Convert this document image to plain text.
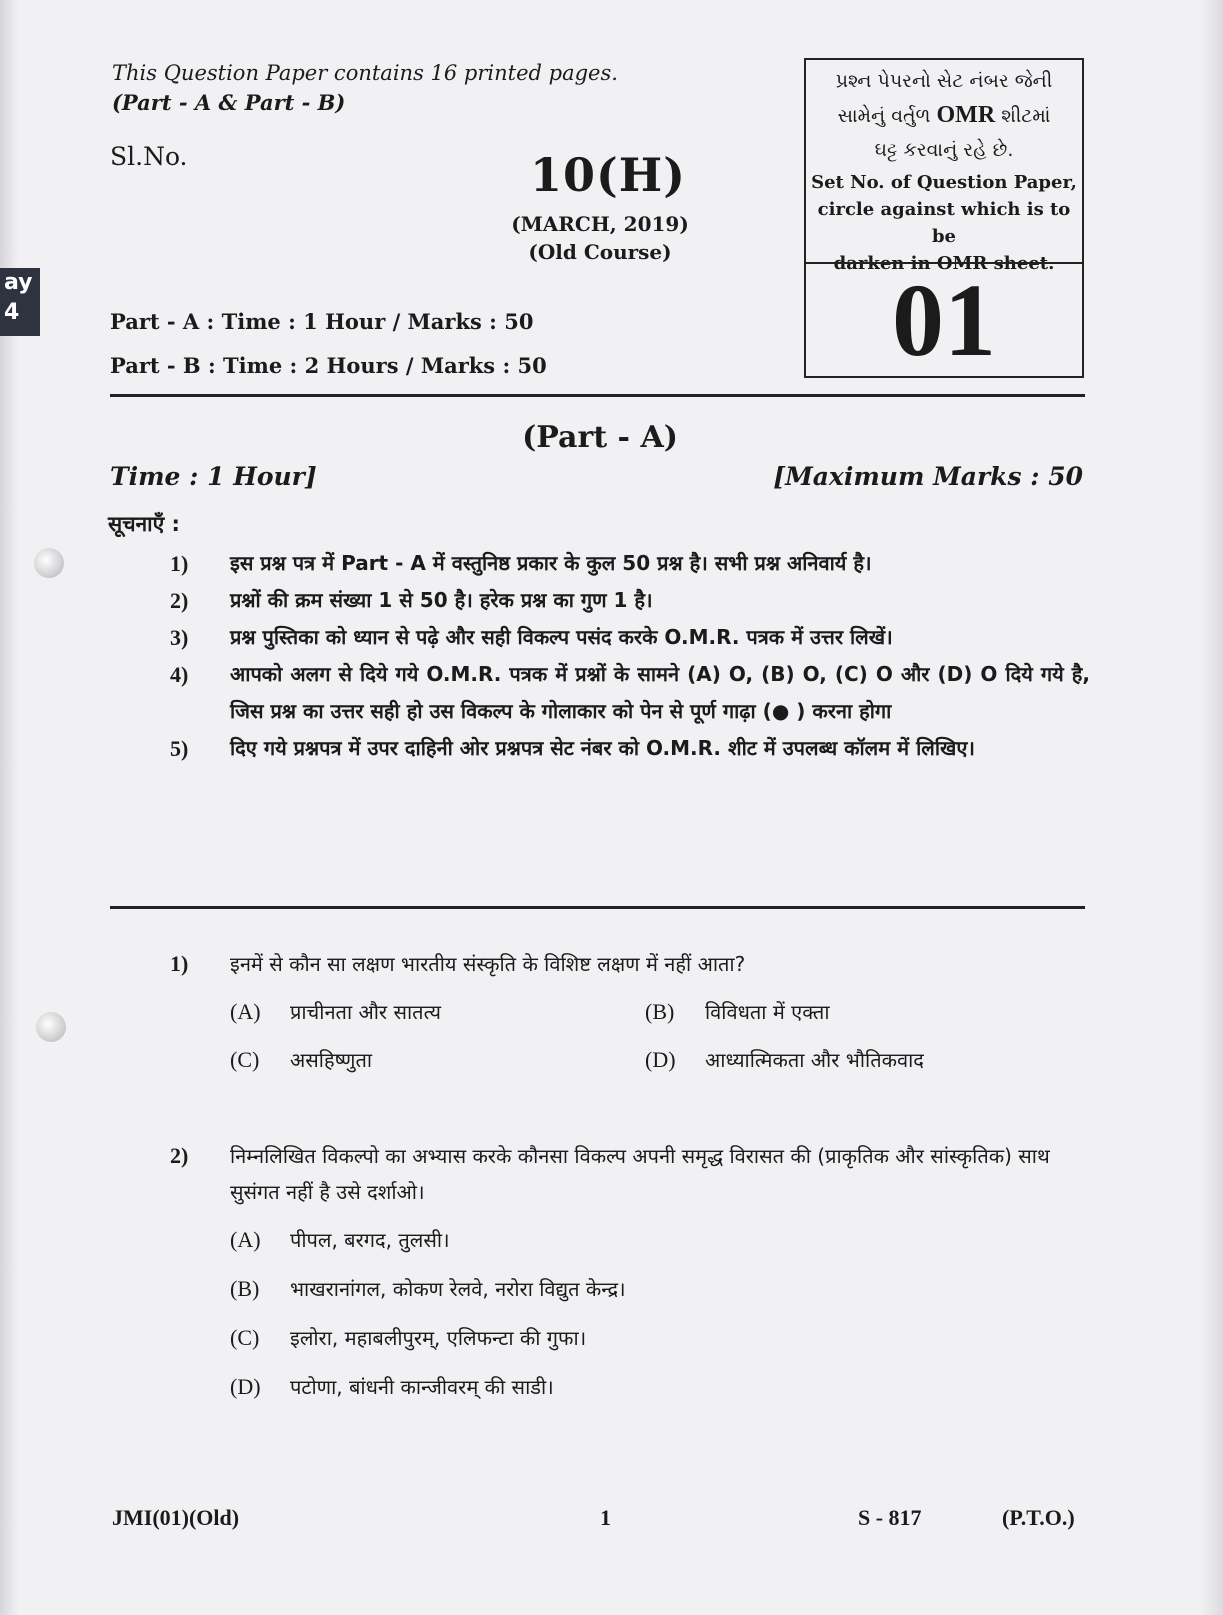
ay
4
This Question Paper contains 16 printed pages.
(Part - A & Part - B)
Sl.No.	10(H)
(MARCH, 2019)
(Old Course)
Part - A : Time : 1 Hour / Marks : 50
Part - B : Time : 2 Hours / Marks : 50
પ્રશ્ન પેપરનો સેટ નંબર જેની
સામેનું વર્તુળ OMR શીટમાં
ઘટ્ટ કરવાનું રહે છે.
Set No. of Question Paper,
circle against which is to be
darken in OMR sheet.
01
(Part - A)
Time : 1 Hour]	[Maximum Marks : 50
सूचनाएँ :
1)	इस प्रश्न पत्र में Part - A में वस्तुनिष्ठ प्रकार के कुल 50 प्रश्न है। सभी प्रश्न अनिवार्य है।
2)	प्रश्नों की क्रम संख्या 1 से 50 है। हरेक प्रश्न का गुण 1 है।
3)	प्रश्न पुस्तिका को ध्यान से पढ़े और सही विकल्प पसंद करके O.M.R. पत्रक में उत्तर लिखें।
4)	आपको अलग से दिये गये O.M.R. पत्रक में प्रश्नों के सामने (A) O, (B) O, (C) O और (D) O दिये गये है, जिस प्रश्न का उत्तर सही हो उस विकल्प के गोलाकार को पेन से पूर्ण गाढ़ा (● ) करना होगा
5)	दिए गये प्रश्नपत्र में उपर दाहिनी ओर प्रश्नपत्र सेट नंबर को O.M.R. शीट में उपलब्ध कॉलम में लिखिए।
1)	इनमें से कौन सा लक्षण भारतीय संस्कृति के विशिष्ट लक्षण में नहीं आता?
(A)	प्राचीनता और सातत्य	(B)	विविधता में एक्ता
(C)	असहिष्णुता	(D)	आध्यात्मिकता और भौतिकवाद
2)	निम्नलिखित विकल्पो का अभ्यास करके कौनसा विकल्प अपनी समृद्ध विरासत की (प्राकृतिक और सांस्कृतिक) साथ सुसंगत नहीं है उसे दर्शाओ।
(A)	पीपल, बरगद, तुलसी।
(B)	भाखरानांगल, कोकण रेलवे, नरोरा विद्युत केन्द्र।
(C)	इलोरा, महाबलीपुरम्, एलिफन्टा की गुफा।
(D)	पटोणा, बांधनी कान्जीवरम् की साडी।
JMI(01)(Old)	1	S - 817	(P.T.O.)
